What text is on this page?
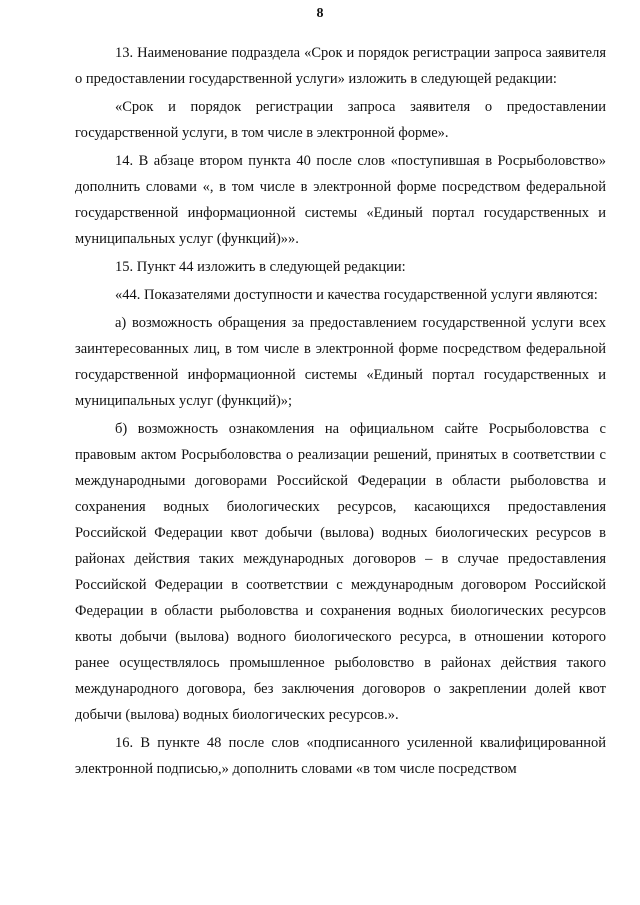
8

13. Наименование подраздела «Срок и порядок регистрации запроса заявителя о предоставлении государственной услуги» изложить в следующей редакции:

«Срок и порядок регистрации запроса заявителя о предоставлении государственной услуги, в том числе в электронной форме».

14. В абзаце втором пункта 40 после слов «поступившая в Росрыболовство» дополнить словами «, в том числе в электронной форме посредством федеральной государственной информационной системы «Единый портал государственных и муниципальных услуг (функций)»».

15. Пункт 44 изложить в следующей редакции:

«44. Показателями доступности и качества государственной услуги являются:

а) возможность обращения за предоставлением государственной услуги всех заинтересованных лиц, в том числе в электронной форме посредством федеральной государственной информационной системы «Единый портал государственных и муниципальных услуг (функций)»;

б) возможность ознакомления на официальном сайте Росрыболовства с правовым актом Росрыболовства о реализации решений, принятых в соответствии с международными договорами Российской Федерации в области рыболовства и сохранения водных биологических ресурсов, касающихся предоставления Российской Федерации квот добычи (вылова) водных биологических ресурсов в районах действия таких международных договоров – в случае предоставления Российской Федерации в соответствии с международным договором Российской Федерации в области рыболовства и сохранения водных биологических ресурсов квоты добычи (вылова) водного биологического ресурса, в отношении которого ранее осуществлялось промышленное рыболовство в районах действия такого международного договора, без заключения договоров о закреплении долей квот добычи (вылова) водных биологических ресурсов.».

16. В пункте 48 после слов «подписанного усиленной квалифицированной электронной подписью,» дополнить словами «в том числе посредством
